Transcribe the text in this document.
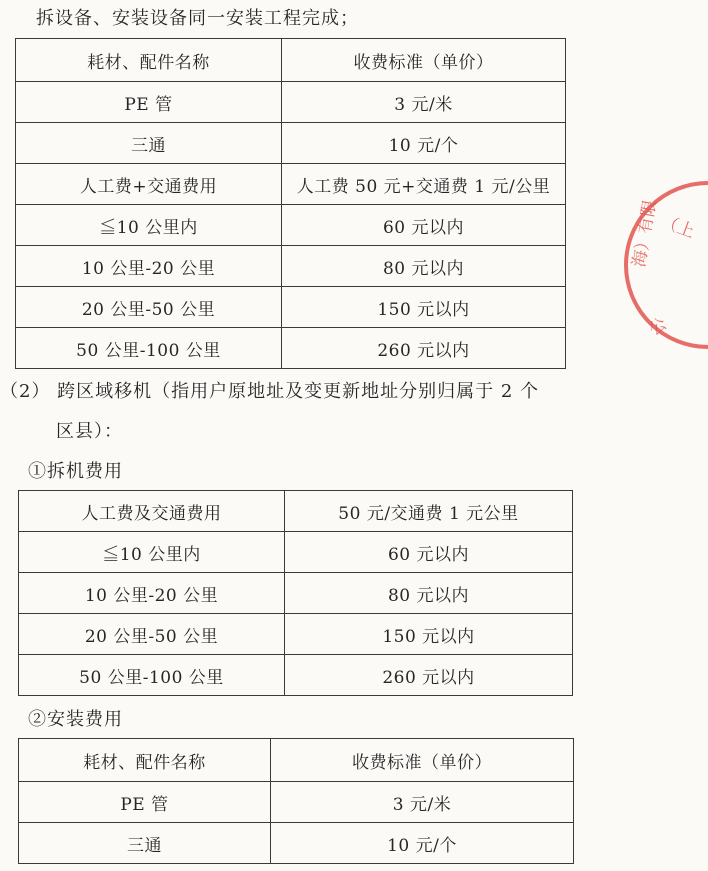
拆设备、安装设备同一安装工程完成；
耗材、配件名称	收费标准（单价）
PE 管	3 元/米
三通	10 元/个
人工费+交通费用	人工费 50 元+交通费 1 元/公里
≦10 公里内	60 元以内
10 公里-20 公里	80 元以内
20 公里-50 公里	150 元以内
50 公里-100 公里	260 元以内
（2） 跨区域移机（指用户原地址及变更新地址分别归属于 2 个
区县）：
①拆机费用
人工费及交通费用	50 元/交通费 1 元公里
≦10 公里内	60 元以内
10 公里-20 公里	80 元以内
20 公里-50 公里	150 元以内
50 公里-100 公里	260 元以内
②安装费用
耗材、配件名称	收费标准（单价）
PE 管	3 元/米
三通	10 元/个
（上
海）有限
公
